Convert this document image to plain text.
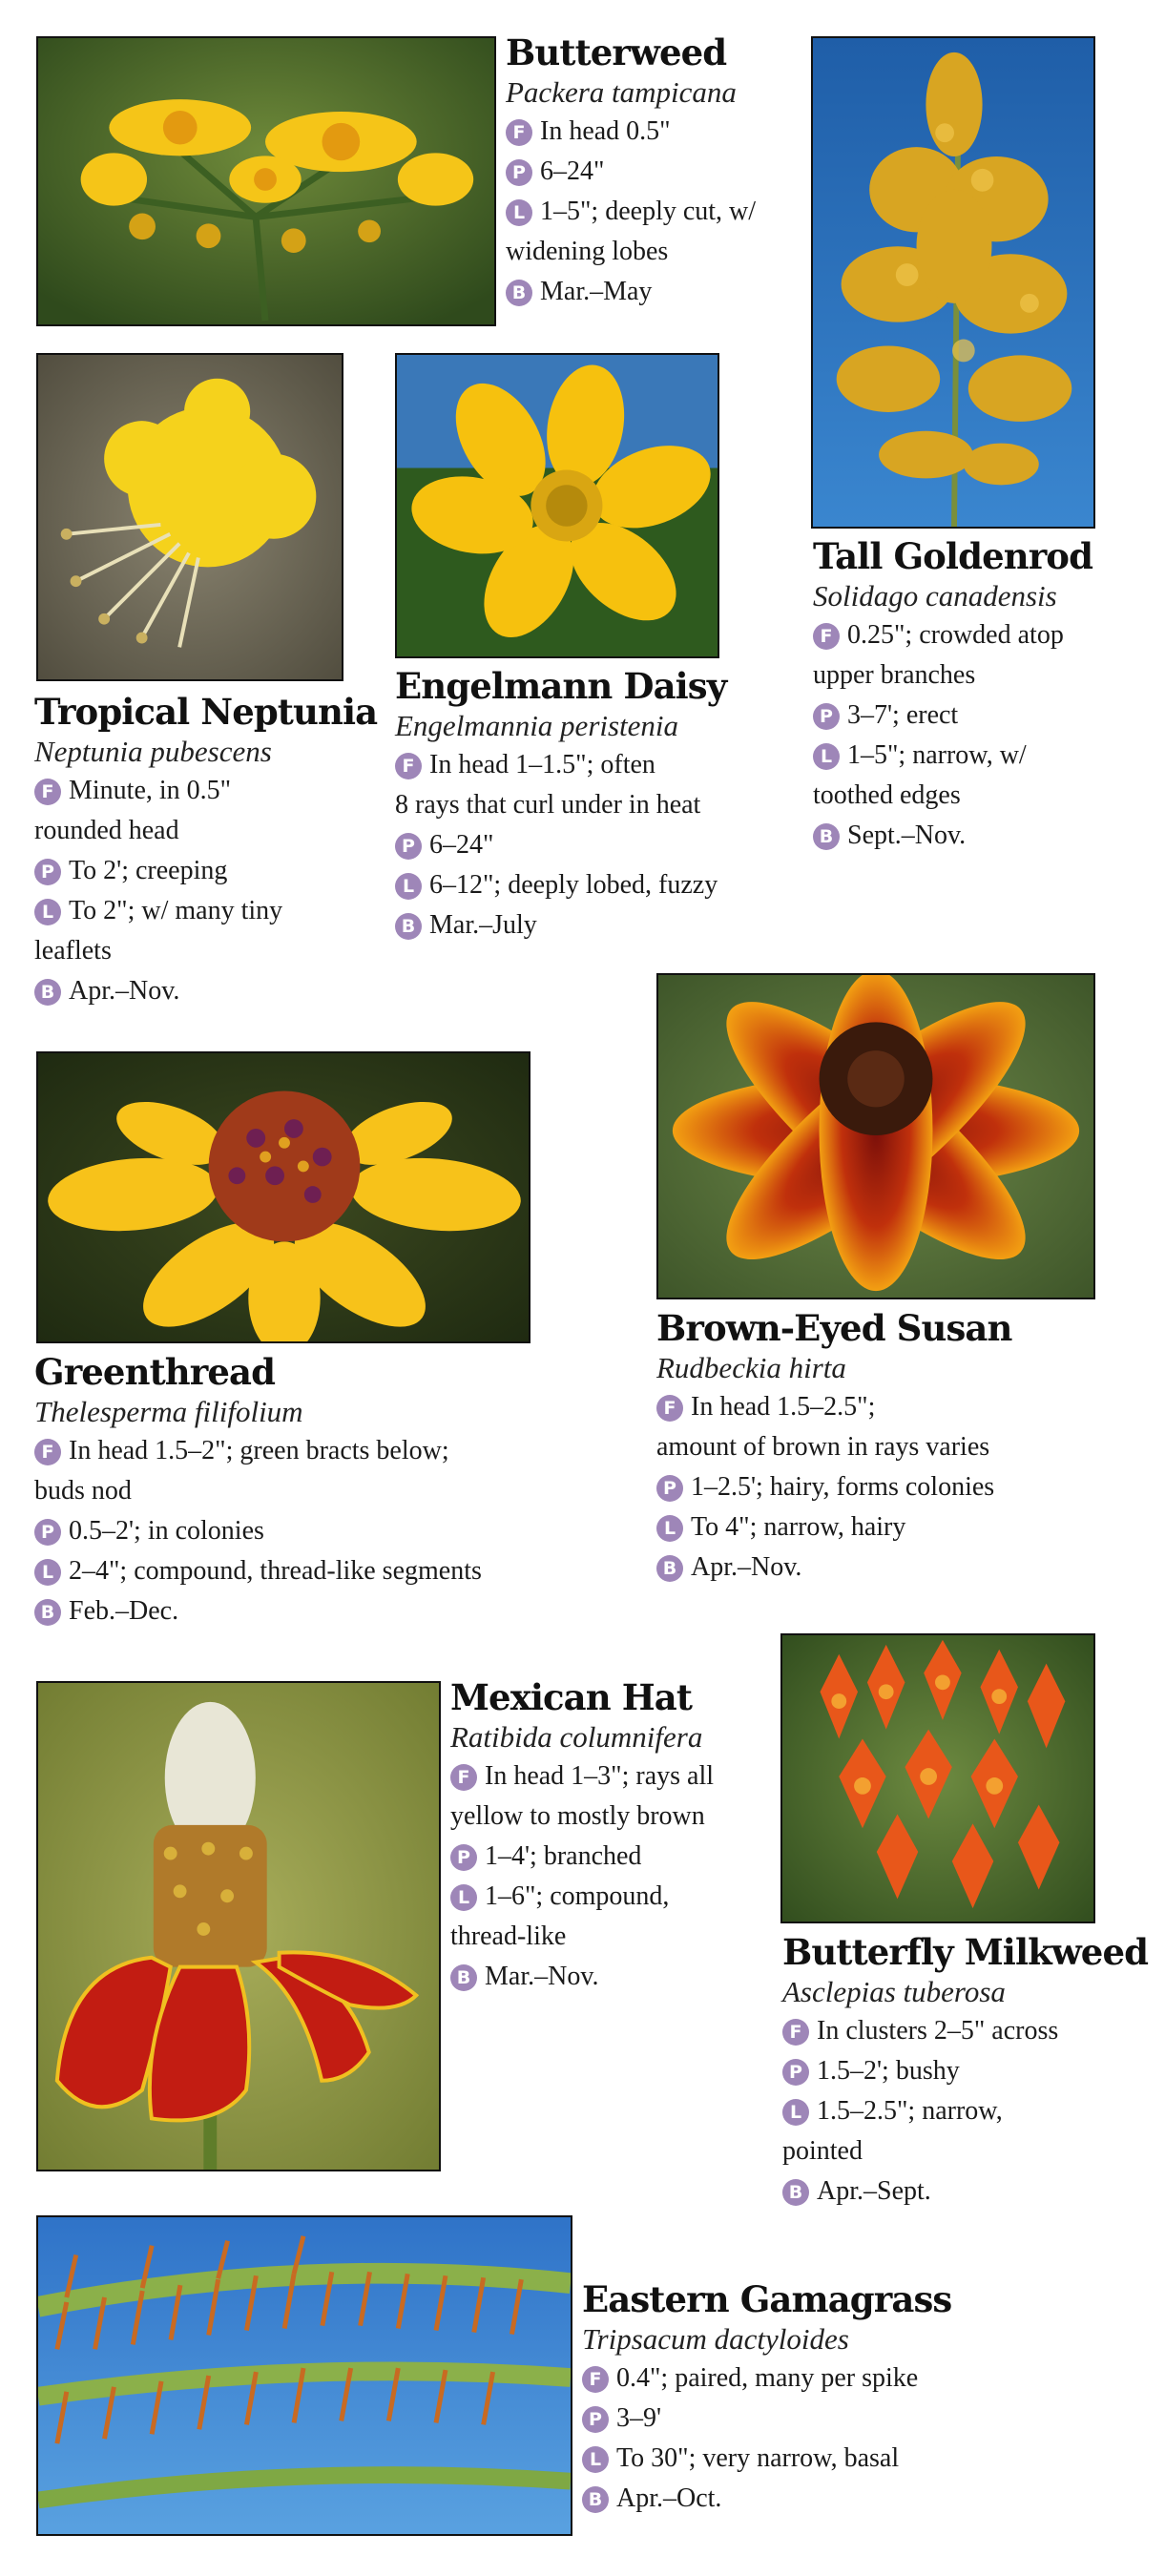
Butterweed
Packera tampicana
F In head 0.5"
P 6–24"
L 1–5"; deeply cut, w/
widening lobes
B Mar.–May
Tall Goldenrod
Solidago canadensis
F 0.25"; crowded atop
upper branches
P 3–7'; erect
L 1–5"; narrow, w/
toothed edges
B Sept.–Nov.
Tropical Neptunia
Neptunia pubescens
F Minute, in 0.5"
rounded head
P To 2'; creeping
L To 2"; w/ many tiny
leaflets
B Apr.–Nov.
Engelmann Daisy
Engelmannia peristenia
F In head 1–1.5"; often
8 rays that curl under in heat
P 6–24"
L 6–12"; deeply lobed, fuzzy
B Mar.–July
Greenthread
Thelesperma filifolium
F In head 1.5–2"; green bracts below;
buds nod
P 0.5–2'; in colonies
L 2–4"; compound, thread-like segments
B Feb.–Dec.
Brown-Eyed Susan
Rudbeckia hirta
F In head 1.5–2.5";
amount of brown in rays varies
P 1–2.5'; hairy, forms colonies
L To 4"; narrow, hairy
B Apr.–Nov.
Mexican Hat
Ratibida columnifera
F In head 1–3"; rays all
yellow to mostly brown
P 1–4'; branched
L 1–6"; compound,
thread-like
B Mar.–Nov.
Butterfly Milkweed
Asclepias tuberosa
F In clusters 2–5" across
P 1.5–2'; bushy
L 1.5–2.5"; narrow,
pointed
B Apr.–Sept.
Eastern Gamagrass
Tripsacum dactyloides
F 0.4"; paired, many per spike
P 3–9'
L To 30"; very narrow, basal
B Apr.–Oct.
